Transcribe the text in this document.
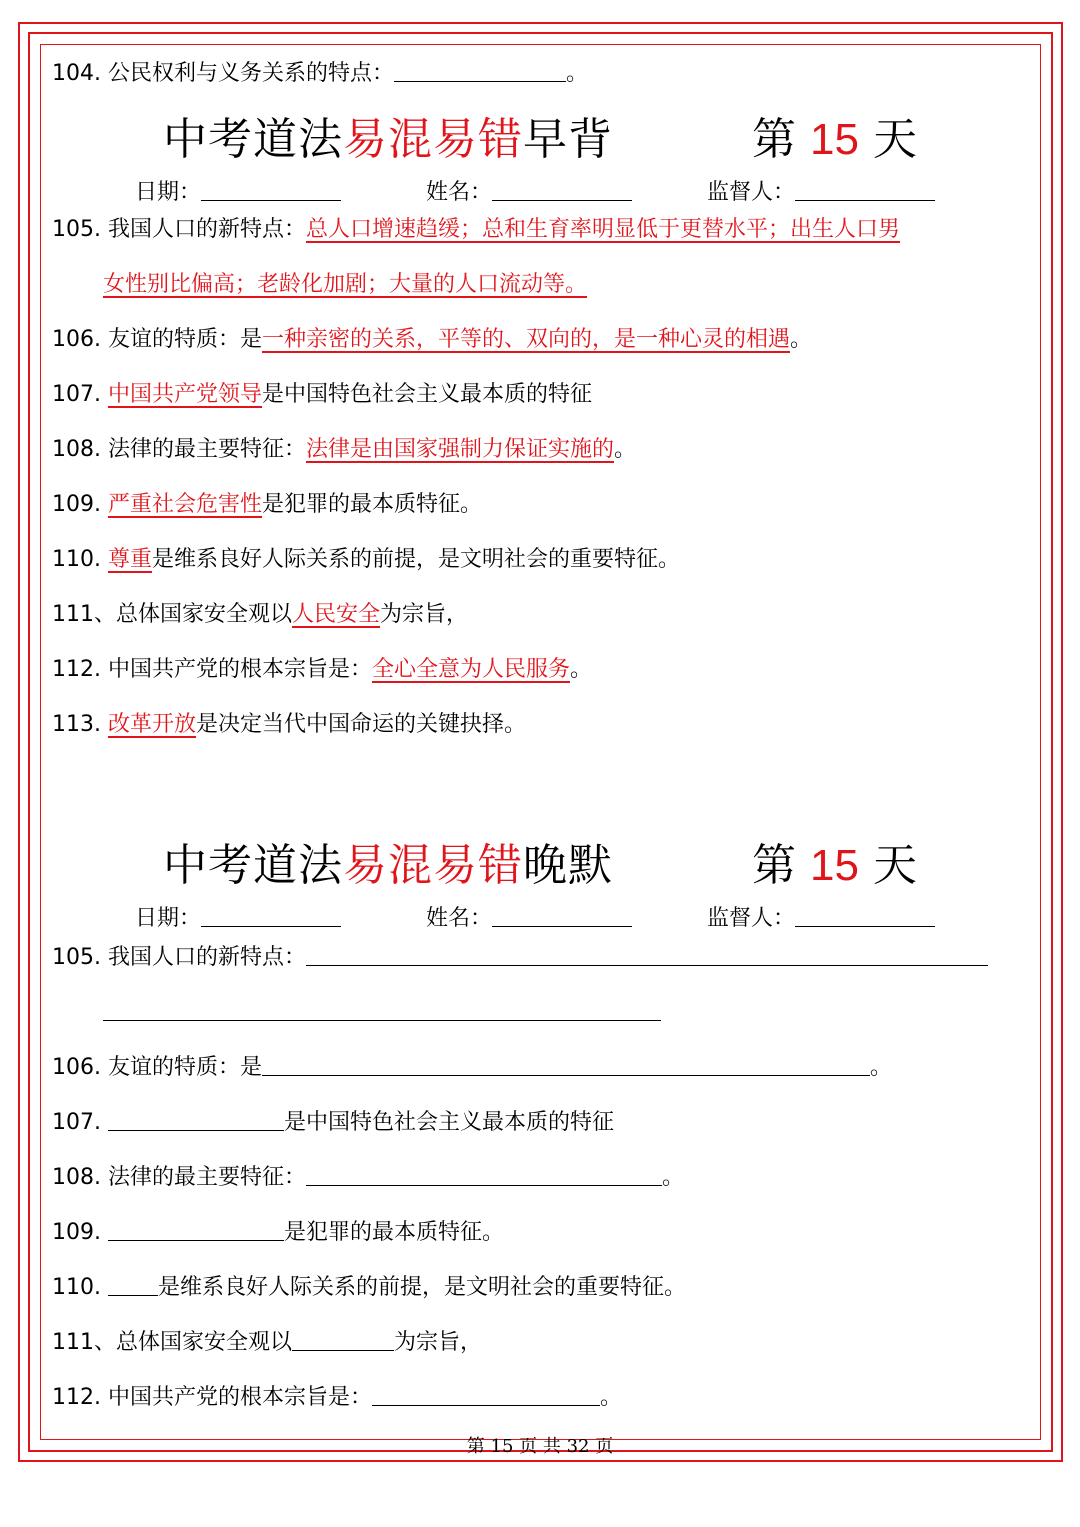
104. 公民权利与义务关系的特点：	。
中考道法易混易错早背	第 15 天
日期：	姓名：	监督人：
105. 我国人口的新特点：总人口增速趋缓；总和生育率明显低于更替水平；出生人口男
女性别比偏高；老龄化加剧；大量的人口流动等。
106. 友谊的特质：是一种亲密的关系，平等的、双向的，是一种心灵的相遇。
107. 中国共产党领导是中国特色社会主义最本质的特征
108. 法律的最主要特征：法律是由国家强制力保证实施的。
109. 严重社会危害性是犯罪的最本质特征。
110. 尊重是维系良好人际关系的前提，是文明社会的重要特征。
111、总体国家安全观以人民安全为宗旨，
112. 中国共产党的根本宗旨是：全心全意为人民服务。
113. 改革开放是决定当代中国命运的关键抉择。
中考道法易混易错晚默	第 15 天
日期：	姓名：	监督人：
105. 我国人口的新特点：
106. 友谊的特质：是	。
107.	是中国特色社会主义最本质的特征
108. 法律的最主要特征：	。
109.	是犯罪的最本质特征。
110.	是维系良好人际关系的前提，是文明社会的重要特征。
111、总体国家安全观以	为宗旨，
112. 中国共产党的根本宗旨是：	。
第 15 页 共 32 页
